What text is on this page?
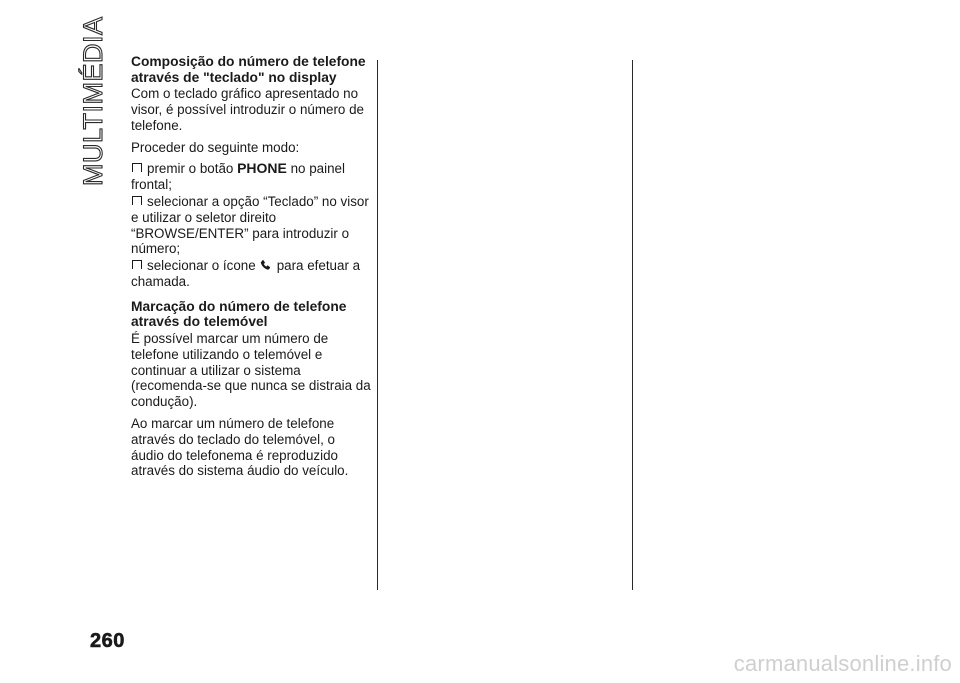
MULTIMÉDIA Composição do número de telefone através de "teclado" no display

Com o teclado gráfico apresentado no visor, é possível introduzir o número de telefone.

Proceder do seguinte modo:

premir o botão PHONE no painel frontal;

selecionar a opção “Teclado” no visor e utilizar o seletor direito “BROWSE/ENTER” para introduzir o número;

selecionar o ícone para efetuar a chamada.

Marcação do número de telefone através do telemóvel

É possível marcar um número de telefone utilizando o telemóvel e continuar a utilizar o sistema (recomenda-se que nunca se distraia da condução).

Ao marcar um número de telefone através do teclado do telemóvel, o áudio do telefonema é reproduzido através do sistema áudio do veículo.

260
carmanualsonline.info
